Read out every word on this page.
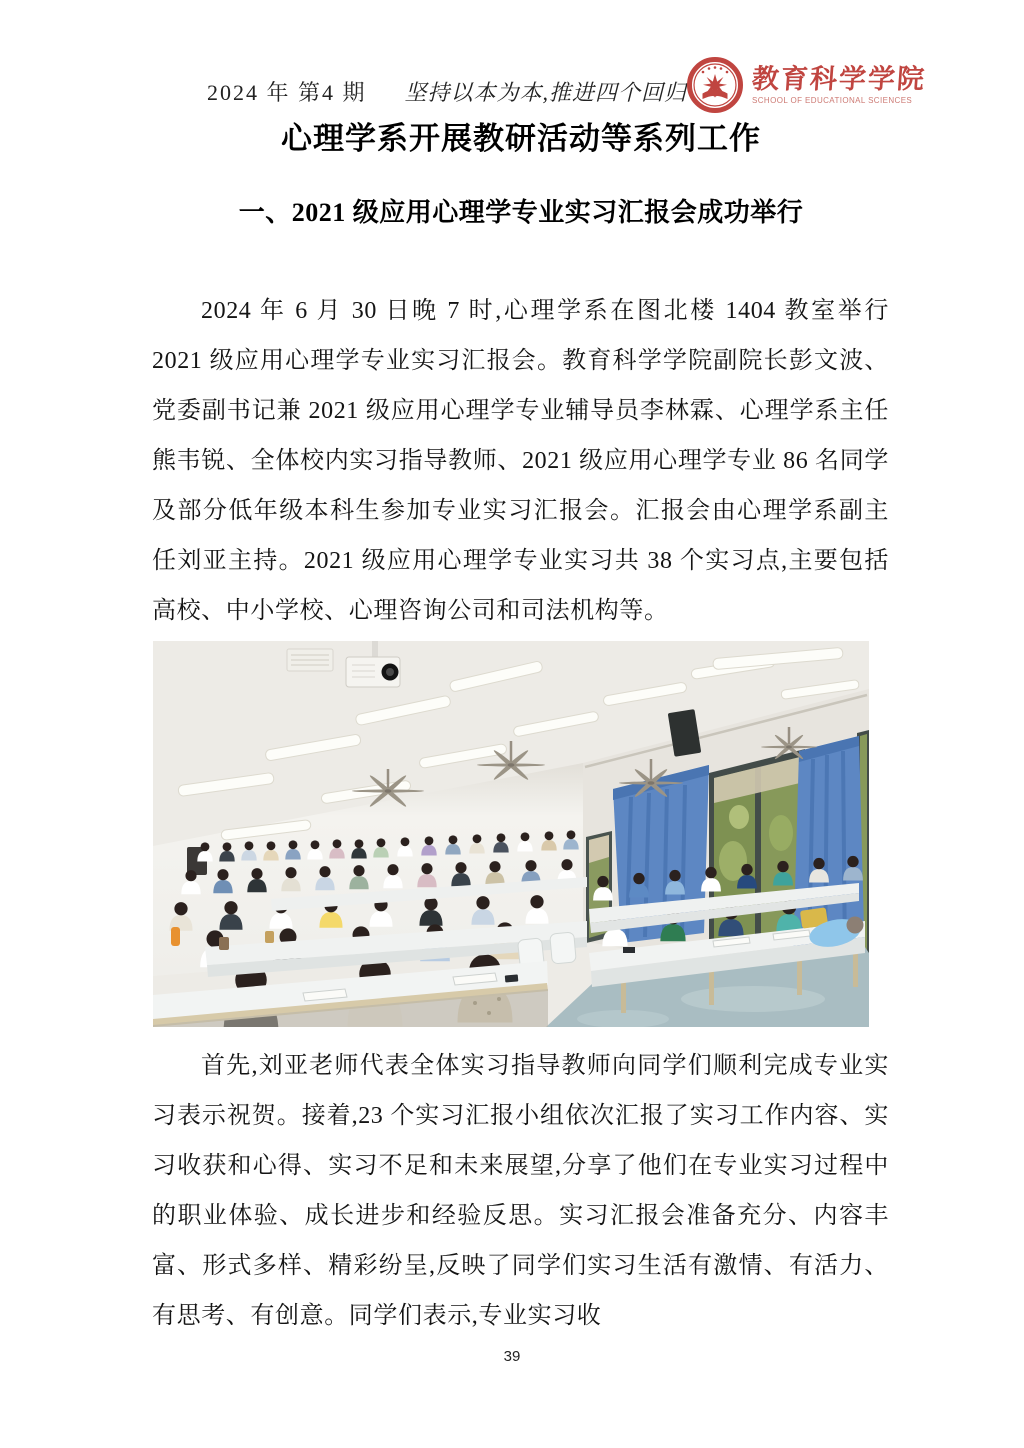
2024 年 第4 期 坚持以本为本,推进四个回归 教育科学学院
SCHOOL OF EDUCATIONAL SCIENCES
心理学系开展教研活动等系列工作
一、2021 级应用心理学专业实习汇报会成功举行

2024 年 6 月 30 日晚 7 时,心理学系在图北楼 1404 教室举行 2021 级应用心理学专业实习汇报会。教育科学学院副院长彭文波、党委副书记兼 2021 级应用心理学专业辅导员李林霖、心理学系主任熊韦锐、全体校内实习指导教师、2021 级应用心理学专业 86 名同学及部分低年级本科生参加专业实习汇报会。汇报会由心理学系副主任刘亚主持。2021 级应用心理学专业实习共 38 个实习点,主要包括高校、中小学校、心理咨询公司和司法机构等。

首先,刘亚老师代表全体实习指导教师向同学们顺利完成专业实习表示祝贺。接着,23 个实习汇报小组依次汇报了实习工作内容、实习收获和心得、实习不足和未来展望,分享了他们在专业实习过程中的职业体验、成长进步和经验反思。实习汇报会准备充分、内容丰富、形式多样、精彩纷呈,反映了同学们实习生活有激情、有活力、有思考、有创意。同学们表示,专业实习收

39
